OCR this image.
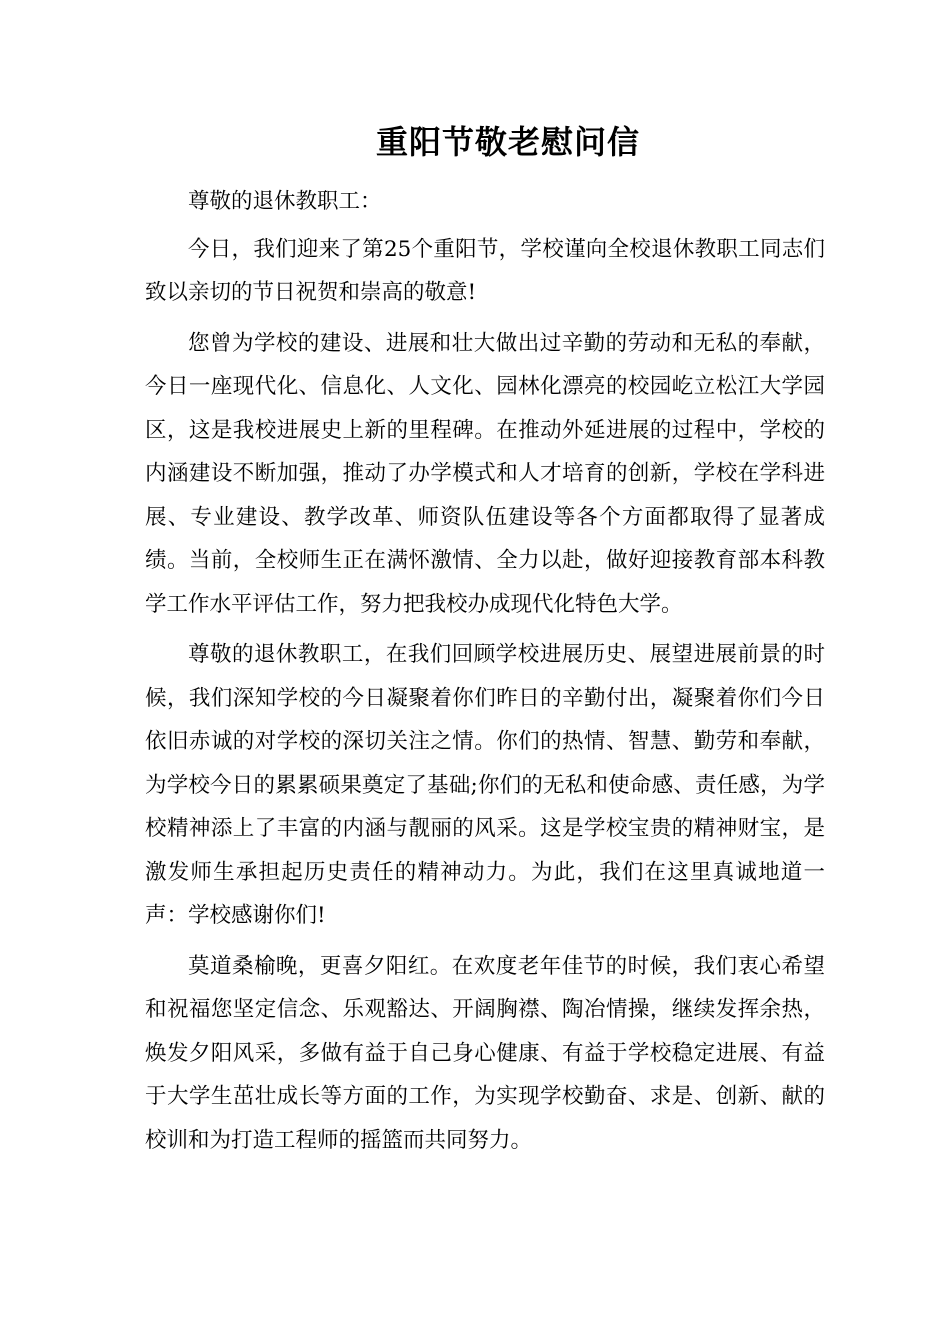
重阳节敬老慰问信

尊敬的退休教职工：

今日，我们迎来了第25个重阳节，学校谨向全校退休教职工同志们致以亲切的节日祝贺和崇高的敬意!

您曾为学校的建设、进展和壮大做出过辛勤的劳动和无私的奉献，今日一座现代化、信息化、人文化、园林化漂亮的校园屹立松江大学园区，这是我校进展史上新的里程碑。在推动外延进展的过程中，学校的内涵建设不断加强，推动了办学模式和人才培育的创新，学校在学科进展、专业建设、教学改革、师资队伍建设等各个方面都取得了显著成绩。当前，全校师生正在满怀激情、全力以赴，做好迎接教育部本科教学工作水平评估工作，努力把我校办成现代化特色大学。

尊敬的退休教职工，在我们回顾学校进展历史、展望进展前景的时候，我们深知学校的今日凝聚着你们昨日的辛勤付出，凝聚着你们今日依旧赤诚的对学校的深切关注之情。你们的热情、智慧、勤劳和奉献，为学校今日的累累硕果奠定了基础;你们的无私和使命感、责任感，为学校精神添上了丰富的内涵与靓丽的风采。这是学校宝贵的精神财宝，是激发师生承担起历史责任的精神动力。为此，我们在这里真诚地道一声：学校感谢你们!

莫道桑榆晚，更喜夕阳红。在欢度老年佳节的时候，我们衷心希望和祝福您坚定信念、乐观豁达、开阔胸襟、陶冶情操，继续发挥余热，焕发夕阳风采，多做有益于自己身心健康、有益于学校稳定进展、有益于大学生茁壮成长等方面的工作，为实现学校勤奋、求是、创新、献的校训和为打造工程师的摇篮而共同努力。
